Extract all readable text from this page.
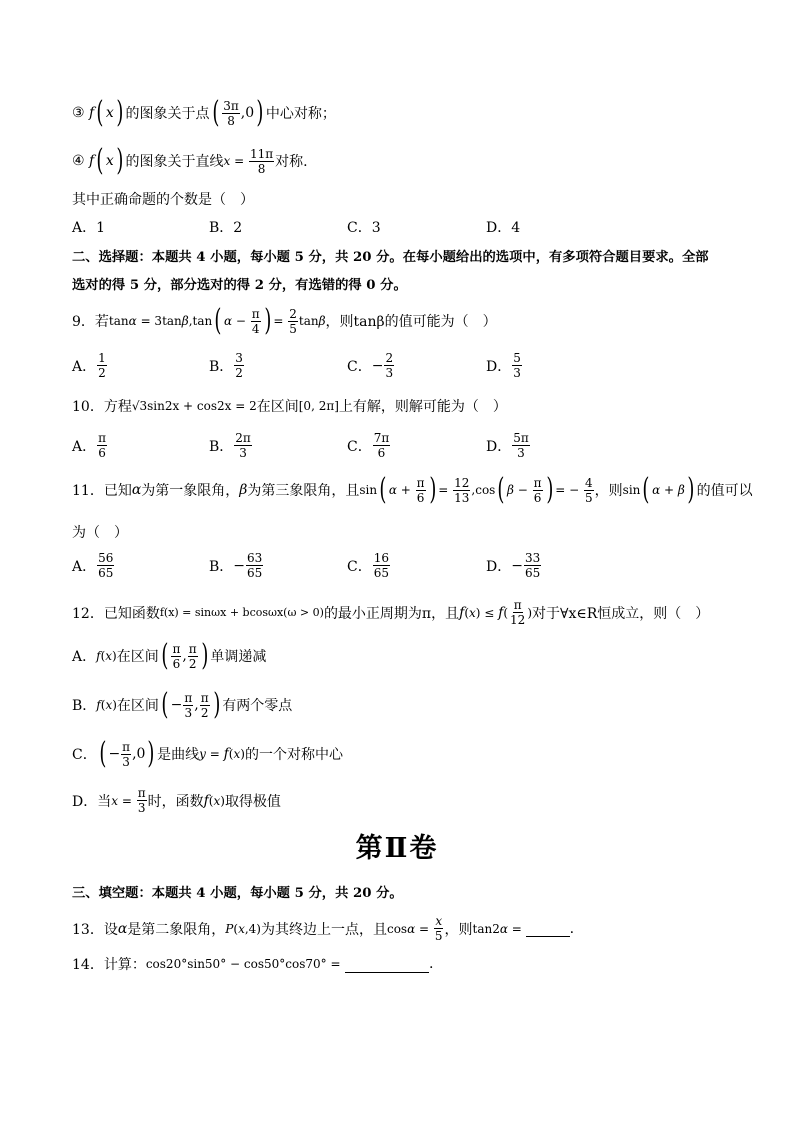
③ f ( x ) 的图象关于点 ( $\frac{3\pi}{8} ,0$ ) 中心对称；
④ f ( x ) 的图象关于直线 $x = \frac{11\pi}{8}$ 对称.
其中正确命题的个数是（　）
A．1	B．2	C．3	D．4
二、选择题：本题共 4 小题，每小题 5 分，共 20 分。在每小题给出的选项中，有多项符合题目要求。全部
选对的得 5 分，部分选对的得 2 分，有选错的得 0 分。
9．若 tanα = 3tanβ,tan ( $\alpha - \frac{\pi}{4}$ ) = $\frac{2}{5}$ tanβ ，则tanβ的值可能为（　）
A． $\frac{1}{2}$	B． $\frac{3}{2}$	C． − $\frac{2}{3}$	D． $\frac{5}{3}$
10．方程 √3sin2x + cos2x = 2 在区间 [0, 2π] 上有解，则解可能为（　）
A． $\frac{\pi}{6}$	B． $\frac{2\pi}{3}$	C． $\frac{7\pi}{6}$	D． $\frac{5\pi}{3}$
11．已知 α 为第一象限角， β 为第三象限角，且 sin ( $\alpha + \frac{\pi}{6}$ ) = $\frac{12}{13} ,\cos$ ( $\beta - \frac{\pi}{6}$ ) = − $\frac{4}{5}$ ，则 sin ( α + β ) 的值可以
为（　）
A． $\frac{56}{65}$	B． − $\frac{63}{65}$	C． $\frac{16}{65}$	D． − $\frac{33}{65}$
12．已知函数 f(x) = sinωx + bcosωx(ω > 0) 的最小正周期为π，且 f ( x ) ≤ f ( $\frac{\pi}{12}$ ) 对于∀x∈R恒成立，则（　）
A． f ( x ) 在区间 ( $\frac{\pi}{6}$ , $\frac{\pi}{2}$ ) 单调递减
B． f ( x ) 在区间 ( − $\frac{\pi}{3}$ , $\frac{\pi}{2}$ ) 有两个零点
C． ( − $\frac{\pi}{3} ,0$ ) 是曲线 y = f ( x ) 的一个对称中心
D．当 $x = \frac{\pi}{3}$ 时，函数 f ( x ) 取得极值
第Ⅱ卷
三、填空题：本题共 4 小题，每小题 5 分，共 20 分。
13．设 α 是第二象限角， P ( x ,4) 为其终边上一点，且 $\cos\alpha = \frac{x}{5}$ ，则 tan2α =
	.
14．计算： cos20°sin50° − cos50°cos70° =

	.
